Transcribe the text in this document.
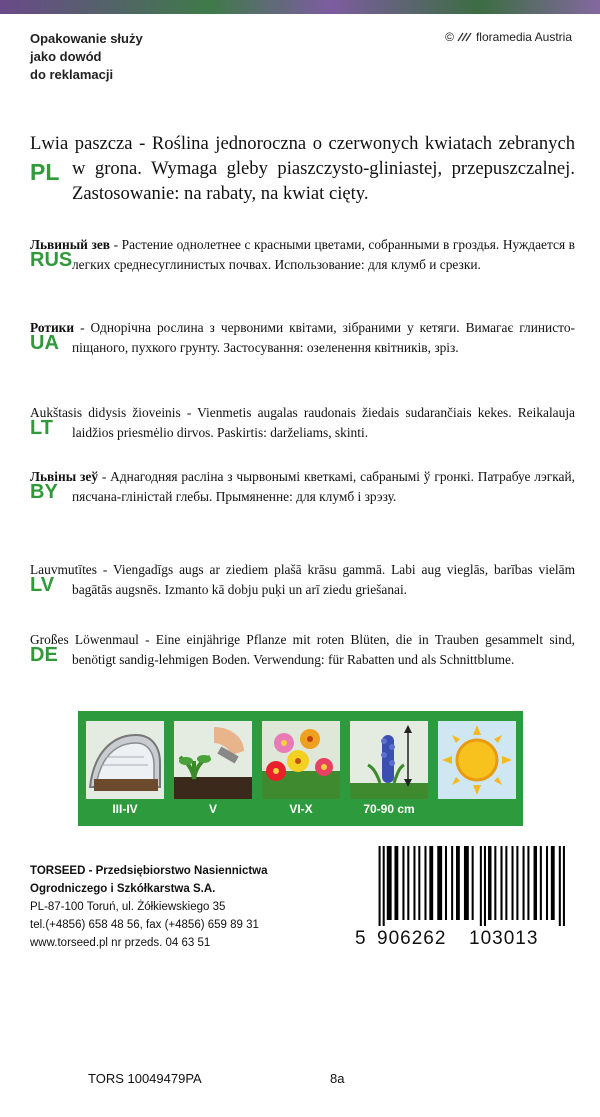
Opakowanie służy
jako dowód
do reklamacji
© floramedia Austria
PL
Lwia paszcza - Roślina jednoroczna o czerwonych kwiatach zebranych w grona. Wymaga gleby piaszczysto-gliniastej, przepuszczalnej. Zastosowanie: na rabaty, na kwiat cięty.
RUS
Львиный зев - Растение однолетнее с красными цветами, собранными в гроздья. Нуждается в легких среднесуглинистых почвах. Использование: для клумб и срезки.
UA
Ротики - Однорічна рослина з червоними квітами, зібраними у кетяги. Вимагає глинисто-піщаного, пухкого грунту. Застосування: озеленення квітників, зріз.
LT
Aukštasis didysis žioveinis - Vienmetis augalas raudonais žiedais sudarančiais kekes. Reikalauja laidžios priesmėlio dirvos. Paskirtis: darželiams, skinti.
BY
Львіны зеў - Аднагодняя расліна з чырвонымі кветкамі, сабранымі ў гронкі. Патрабуе лэгкай, пясчана-гліністай глебы. Прымяненне: для клумб і зрэзу.
LV
Lauvmutītes - Viengadīgs augs ar ziediem plašā krāsu gammā. Labi aug vieglās, barības vielām bagātās augsnēs. Izmanto kā dobju puķi un arī ziedu griešanai.
DE
Großes Löwenmaul - Eine einjährige Pflanze mit roten Blüten, die in Trauben gesammelt sind, benötigt sandig-lehmigen Boden. Verwendung: für Rabatten und als Schnittblume.
III-IV	V	VI-X	70-90 cm
TORSEED - Przedsiębiorstwo Nasiennictwa
Ogrodniczego i Szkółkarstwa S.A.
PL-87-100 Toruń, ul. Żółkiewskiego 35
tel.(+4856) 658 48 56, fax (+4856) 659 89 31
www.torseed.pl nr przeds. 04 63 51	5 906262 103013
TORS 10049479PA	8a
